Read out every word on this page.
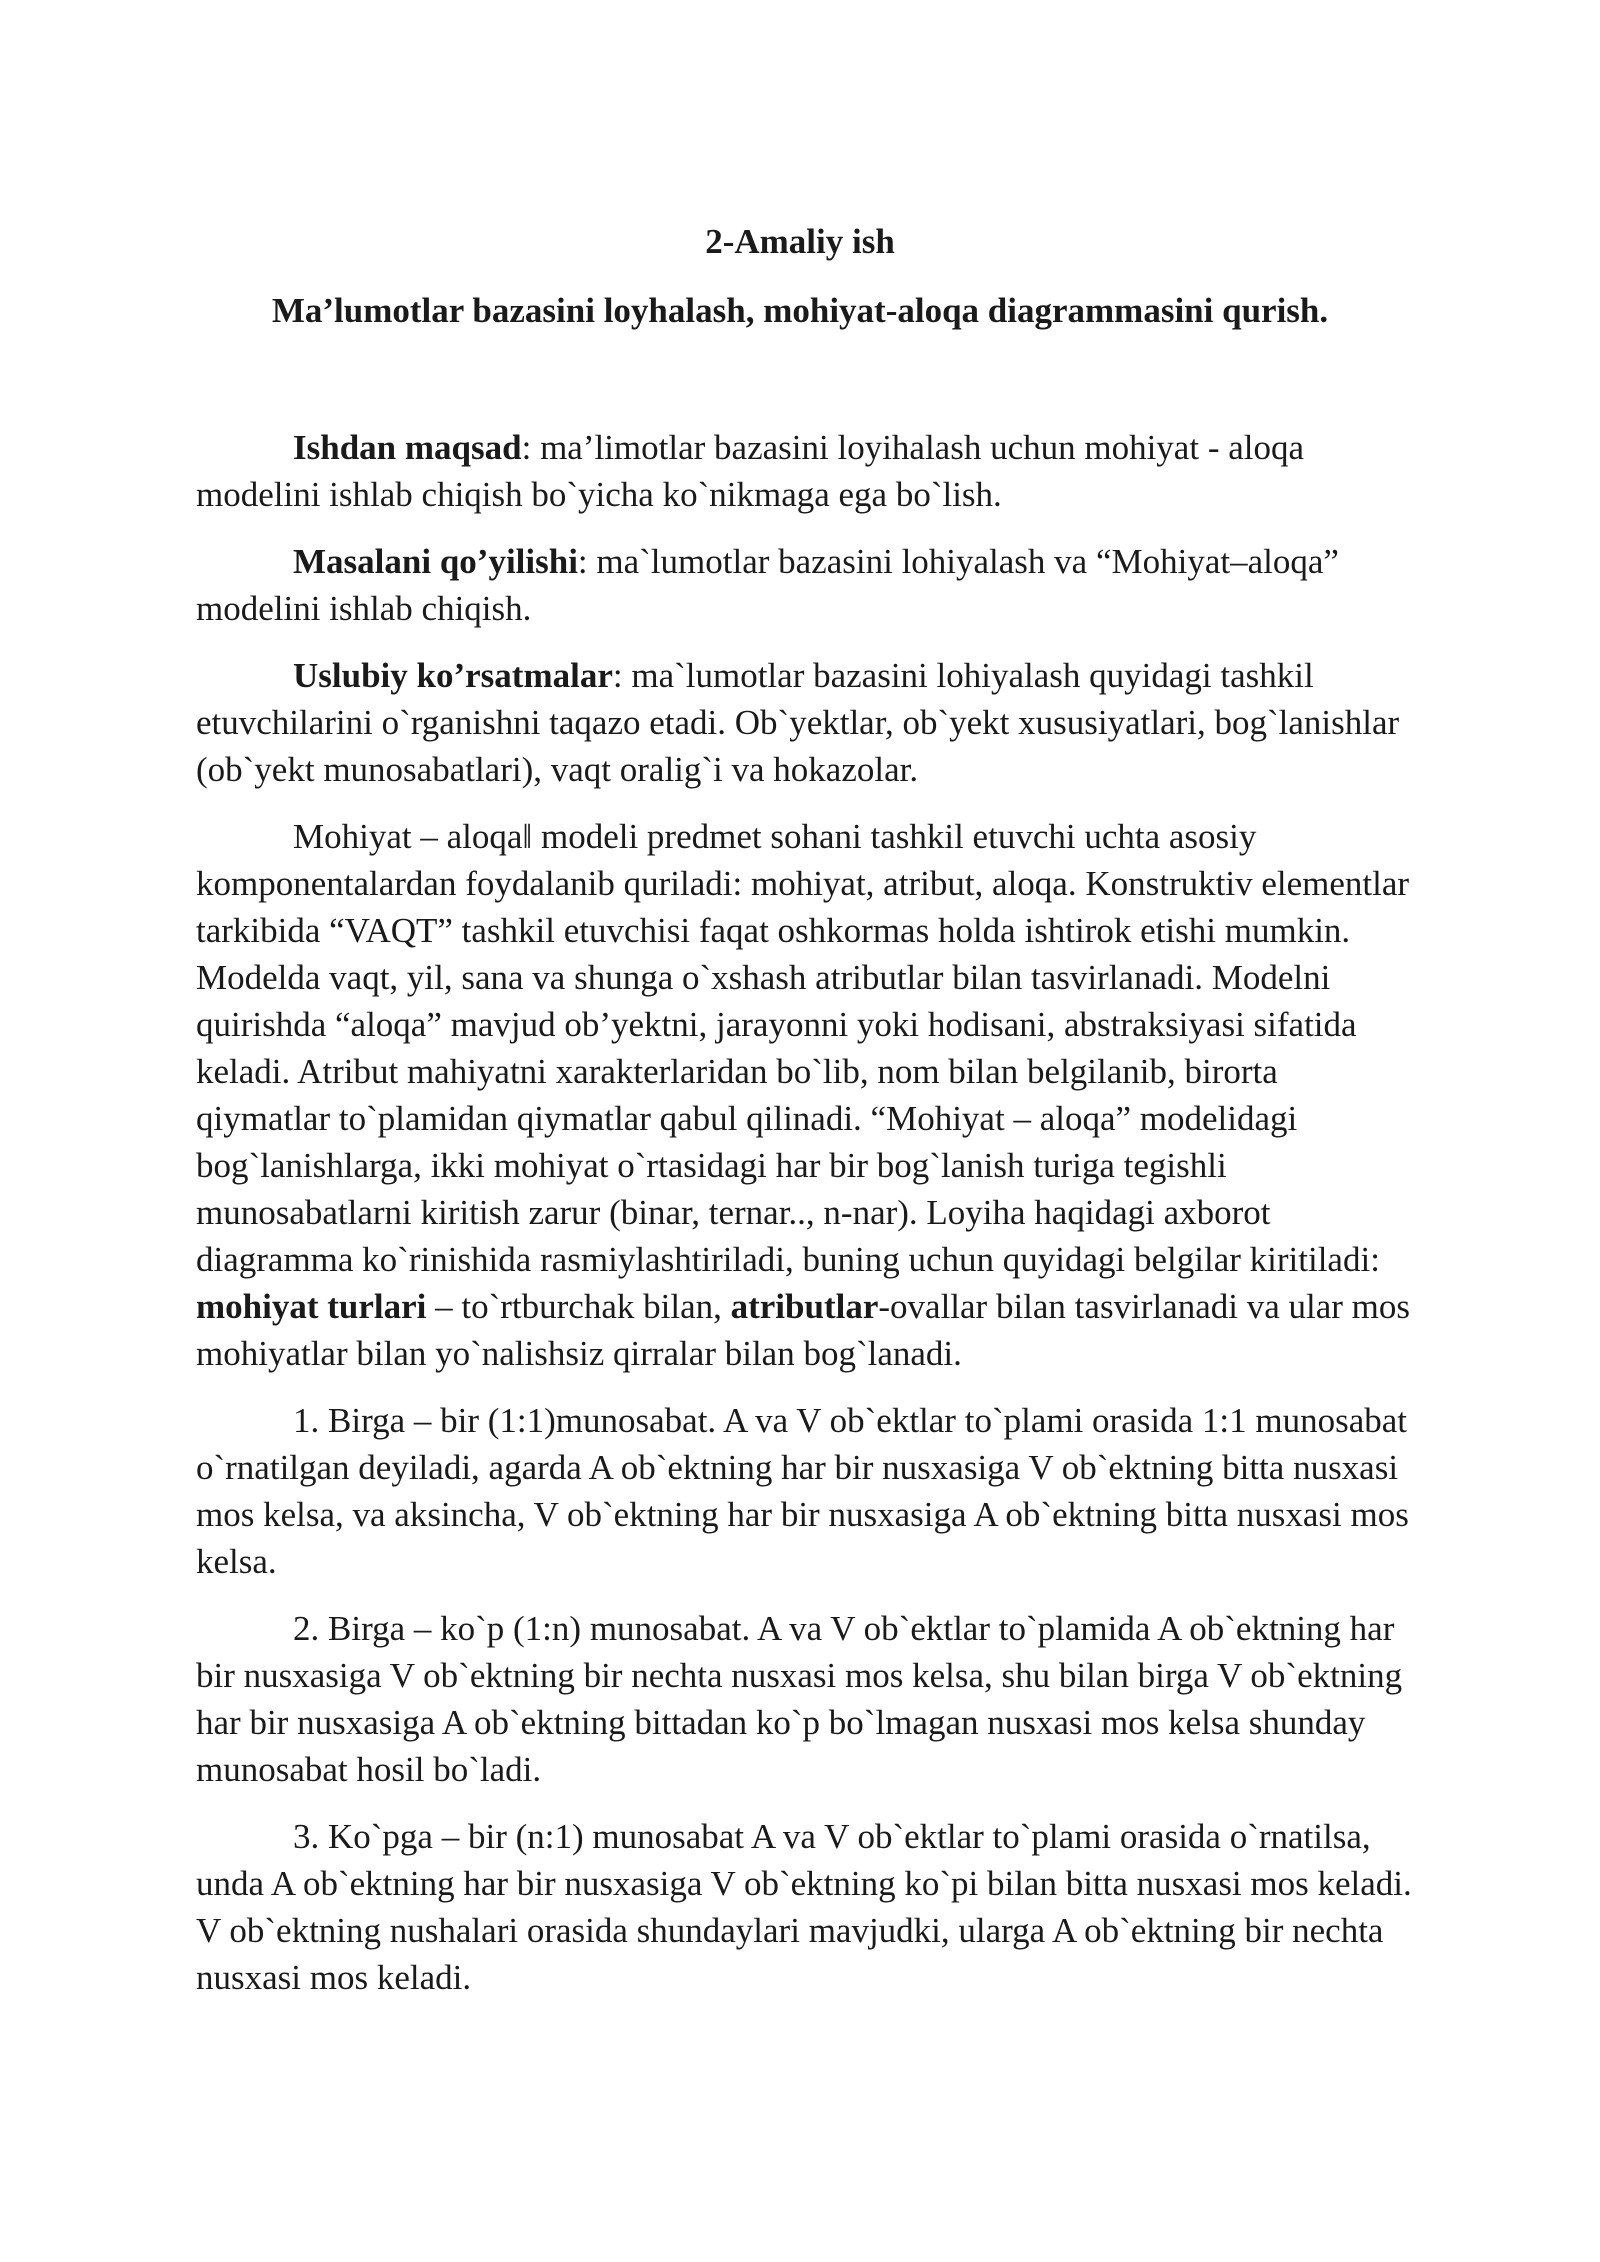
2-Amaliy ish
Ma’lumotlar bazasini loyhalash, mohiyat-aloqa diagrammasini qurish.

Ishdan maqsad: ma’limotlar bazasini loyihalash uchun mohiyat - aloqa modelini ishlab chiqish bo`yicha ko`nikmaga ega bo`lish.

Masalani qo’yilishi: ma`lumotlar bazasini lohiyalash va “Mohiyat–aloqa” modelini ishlab chiqish.

Uslubiy ko’rsatmalar: ma`lumotlar bazasini lohiyalash quyidagi tashkil etuvchilarini o`rganishni taqazo etadi. Ob`yektlar, ob`yekt xususiyatlari, bog`lanishlar (ob`yekt munosabatlari), vaqt oralig`i va hokazolar.

Mohiyat – aloqa‖ modeli predmet sohani tashkil etuvchi uchta asosiy komponentalardan foydalanib quriladi: mohiyat, atribut, aloqa. Konstruktiv elementlar tarkibida “VAQT” tashkil etuvchisi faqat oshkormas holda ishtirok etishi mumkin. Modelda vaqt, yil, sana va shunga o`xshash atributlar bilan tasvirlanadi. Modelni quirishda “aloqa” mavjud ob’yektni, jarayonni yoki hodisani, abstraksiyasi sifatida keladi. Atribut mahiyatni xarakterlaridan bo`lib, nom bilan belgilanib, birorta qiymatlar to`plamidan qiymatlar qabul qilinadi. “Mohiyat – aloqa” modelidagi bog`lanishlarga, ikki mohiyat o`rtasidagi har bir bog`lanish turiga tegishli munosabatlarni kiritish zarur (binar, ternar.., n-nar). Loyiha haqidagi axborot diagramma ko`rinishida rasmiylashtiriladi, buning uchun quyidagi belgilar kiritiladi: mohiyat turlari – to`rtburchak bilan, atributlar-ovallar bilan tasvirlanadi va ular mos mohiyatlar bilan yo`nalishsiz qirralar bilan bog`lanadi.

1. Birga – bir (1:1)munosabat. A va V ob`ektlar to`plami orasida 1:1 munosabat o`rnatilgan deyiladi, agarda A ob`ektning har bir nusxasiga V ob`ektning bitta nusxasi mos kelsa, va aksincha, V ob`ektning har bir nusxasiga A ob`ektning bitta nusxasi mos kelsa.

2. Birga – ko`p (1:n) munosabat. A va V ob`ektlar to`plamida A ob`ektning har bir nusxasiga V ob`ektning bir nechta nusxasi mos kelsa, shu bilan birga V ob`ektning har bir nusxasiga A ob`ektning bittadan ko`p bo`lmagan nusxasi mos kelsa shunday munosabat hosil bo`ladi.

3. Ko`pga – bir (n:1) munosabat A va V ob`ektlar to`plami orasida o`rnatilsa, unda A ob`ektning har bir nusxasiga V ob`ektning ko`pi bilan bitta nusxasi mos keladi. V ob`ektning nushalari orasida shundaylari mavjudki, ularga A ob`ektning bir nechta nusxasi mos keladi.
